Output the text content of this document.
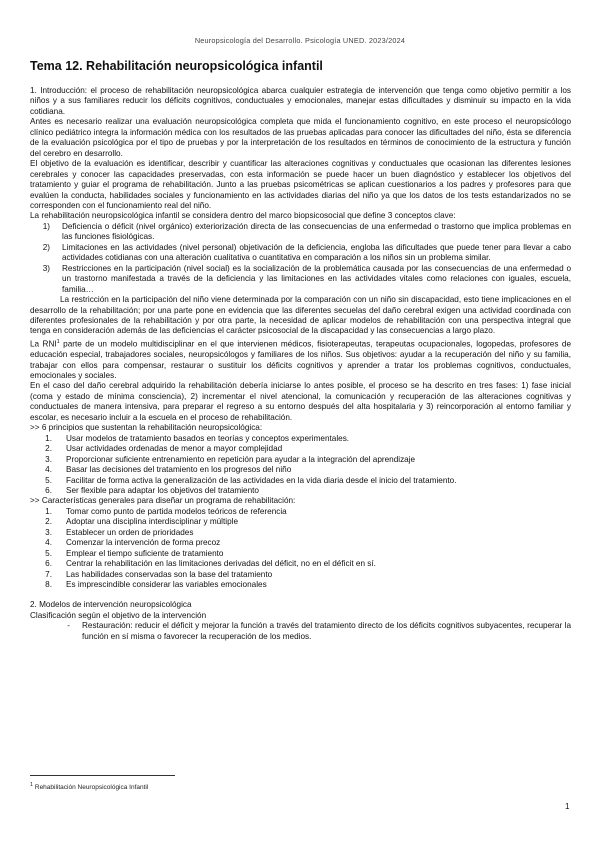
Neuropsicología del Desarrollo. Psicología UNED. 2023/2024
Tema 12. Rehabilitación neuropsicológica infantil

1. Introducción: el proceso de rehabilitación neuropsicológica abarca cualquier estrategia de intervención que tenga como objetivo permitir a los niños y a sus familiares reducir los déficits cognitivos, conductuales y emocionales, manejar estas dificultades y disminuir su impacto en la vida cotidiana.

Antes es necesario realizar una evaluación neuropsicológica completa que mida el funcionamiento cognitivo, en este proceso el neuropsicólogo clínico pediátrico integra la información médica con los resultados de las pruebas aplicadas para conocer las dificultades del niño, ésta se diferencia de la evaluación psicológica por el tipo de pruebas y por la interpretación de los resultados en términos de conocimiento de la estructura y función del cerebro en desarrollo.

El objetivo de la evaluación es identificar, describir y cuantificar las alteraciones cognitivas y conductuales que ocasionan las diferentes lesiones cerebrales y conocer las capacidades preservadas, con esta información se puede hacer un buen diagnóstico y establecer los objetivos del tratamiento y guiar el programa de rehabilitación. Junto a las pruebas psicométricas se aplican cuestionarios a los padres y profesores para que evalúen la conducta, habilidades sociales y funcionamiento en las actividades diarias del niño ya que los datos de los tests estandarizados no se corresponden con el funcionamiento real del niño.

La rehabilitación neuropsicológica infantil se considera dentro del marco biopsicosocial que define 3 conceptos clave:

1)	Deficiencia o déficit (nivel orgánico) exteriorización directa de las consecuencias de una enfermedad o trastorno que implica problemas en las funciones fisiológicas.
2)	Limitaciones en las actividades (nivel personal) objetivación de la deficiencia, engloba las dificultades que puede tener para llevar a cabo actividades cotidianas con una alteración cualitativa o cuantitativa en comparación a los niños sin un problema similar.
3)	Restricciones en la participación (nivel social) es la socialización de la problemática causada por las consecuencias de una enfermedad o un trastorno manifestada a través de la deficiencia y las limitaciones en las actividades vitales como relaciones con iguales, escuela, familia…

La restricción en la participación del niño viene determinada por la comparación con un niño sin discapacidad, esto tiene implicaciones en el desarrollo de la rehabilitación; por una parte pone en evidencia que las diferentes secuelas del daño cerebral exigen una actividad coordinada con diferentes profesionales de la rehabilitación y por otra parte, la necesidad de aplicar modelos de rehabilitación con una perspectiva integral que tenga en consideración además de las deficiencias el carácter psicosocial de la discapacidad y las consecuencias a largo plazo.

La RNI$^1$ parte de un modelo multidisciplinar en el que intervienen médicos, fisioterapeutas, terapeutas ocupacionales, logopedas, profesores de educación especial, trabajadores sociales, neuropsicólogos y familiares de los niños. Sus objetivos: ayudar a la recuperación del niño y su familia, trabajar con ellos para compensar, restaurar o sustituir los déficits cognitivos y aprender a tratar los problemas cognitivos, conductuales, emocionales y sociales.

En el caso del daño cerebral adquirido la rehabilitación debería iniciarse lo antes posible, el proceso se ha descrito en tres fases: 1) fase inicial (coma y estado de mínima consciencia), 2) incrementar el nivel atencional, la comunicación y recuperación de las alteraciones cognitivas y conductuales de manera intensiva, para preparar el regreso a su entorno después del alta hospitalaria y 3) reincorporación al entorno familiar y escolar, es necesario incluir a la escuela en el proceso de rehabilitación.

>> 6 principios que sustentan la rehabilitación neuropsicológica:

1.	Usar modelos de tratamiento basados en teorías y conceptos experimentales.
2.	Usar actividades ordenadas de menor a mayor complejidad
3.	Proporcionar suficiente entrenamiento en repetición para ayudar a la integración del aprendizaje
4.	Basar las decisiones del tratamiento en los progresos del niño
5.	Facilitar de forma activa la generalización de las actividades en la vida diaria desde el inicio del tratamiento.
6.	Ser flexible para adaptar los objetivos del tratamiento

>> Características generales para diseñar un programa de rehabilitación:

1.	Tomar como punto de partida modelos teóricos de referencia
2.	Adoptar una disciplina interdisciplinar y múltiple
3.	Establecer un orden de prioridades
4.	Comenzar la intervención de forma precoz
5.	Emplear el tiempo suficiente de tratamiento
6.	Centrar la rehabilitación en las limitaciones derivadas del déficit, no en el déficit en sí.
7.	Las habilidades conservadas son la base del tratamiento
8.	Es imprescindible considerar las variables emocionales

2. Modelos de intervención neuropsicológica

Clasificación según el objetivo de la intervención

-	Restauración: reducir el déficit y mejorar la función a través del tratamiento directo de los déficits cognitivos subyacentes, recuperar la función en sí misma o favorecer la recuperación de los medios.
$^1$ Rehabilitación Neuropsicológica Infantil
1
